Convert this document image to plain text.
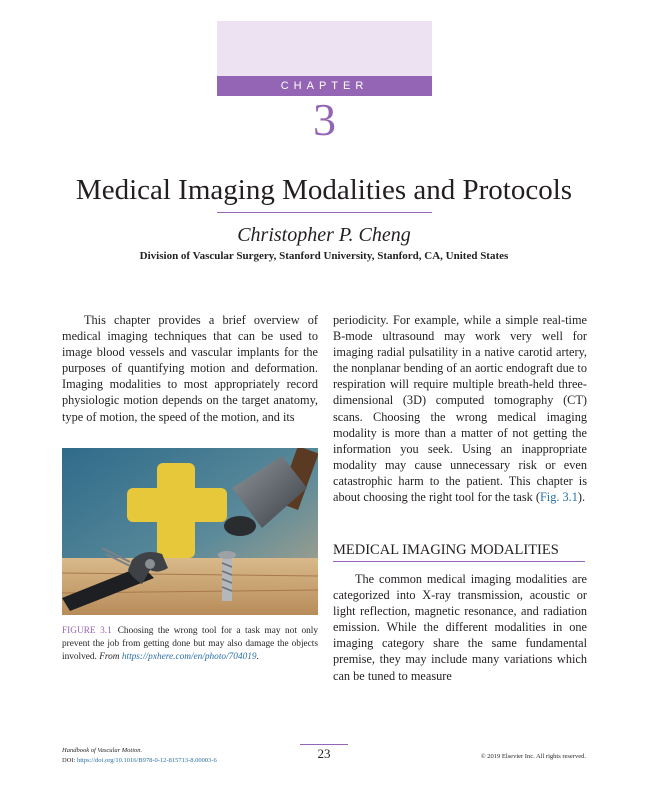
CHAPTER
3
Medical Imaging Modalities and Protocols
Christopher P. Cheng
Division of Vascular Surgery, Stanford University, Stanford, CA, United States

This chapter provides a brief overview of medical imaging techniques that can be used to image blood vessels and vascular implants for the purposes of quantifying motion and deformation. Imaging modalities to most appropriately record physiologic motion depends on the target anatomy, type of motion, the speed of the motion, and its

FIGURE 3.1 Choosing the wrong tool for a task may not only prevent the job from getting done but may also damage the objects involved. From https://pxhere.com/en/photo/704019.

periodicity. For example, while a simple real-time B-mode ultrasound may work very well for imaging radial pulsatility in a native carotid artery, the nonplanar bending of an aortic endograft due to respiration will require multiple breath-held three-dimensional (3D) computed tomography (CT) scans. Choosing the wrong medical imaging modality is more than a matter of not getting the information you seek. Using an inappropriate modality may cause unnecessary risk or even catastrophic harm to the patient. This chapter is about choosing the right tool for the task (Fig. 3.1).

MEDICAL IMAGING MODALITIES

The common medical imaging modalities are categorized into X-ray transmission, acoustic or light reflection, magnetic resonance, and radiation emission. While the different modalities in one imaging category share the same fundamental premise, they may include many variations which can be tuned to measure

Handbook of Vascular Motion.
DOI: https://doi.org/10.1016/B978-0-12-815713-8.00003-6	23	© 2019 Elsevier Inc. All rights reserved.
